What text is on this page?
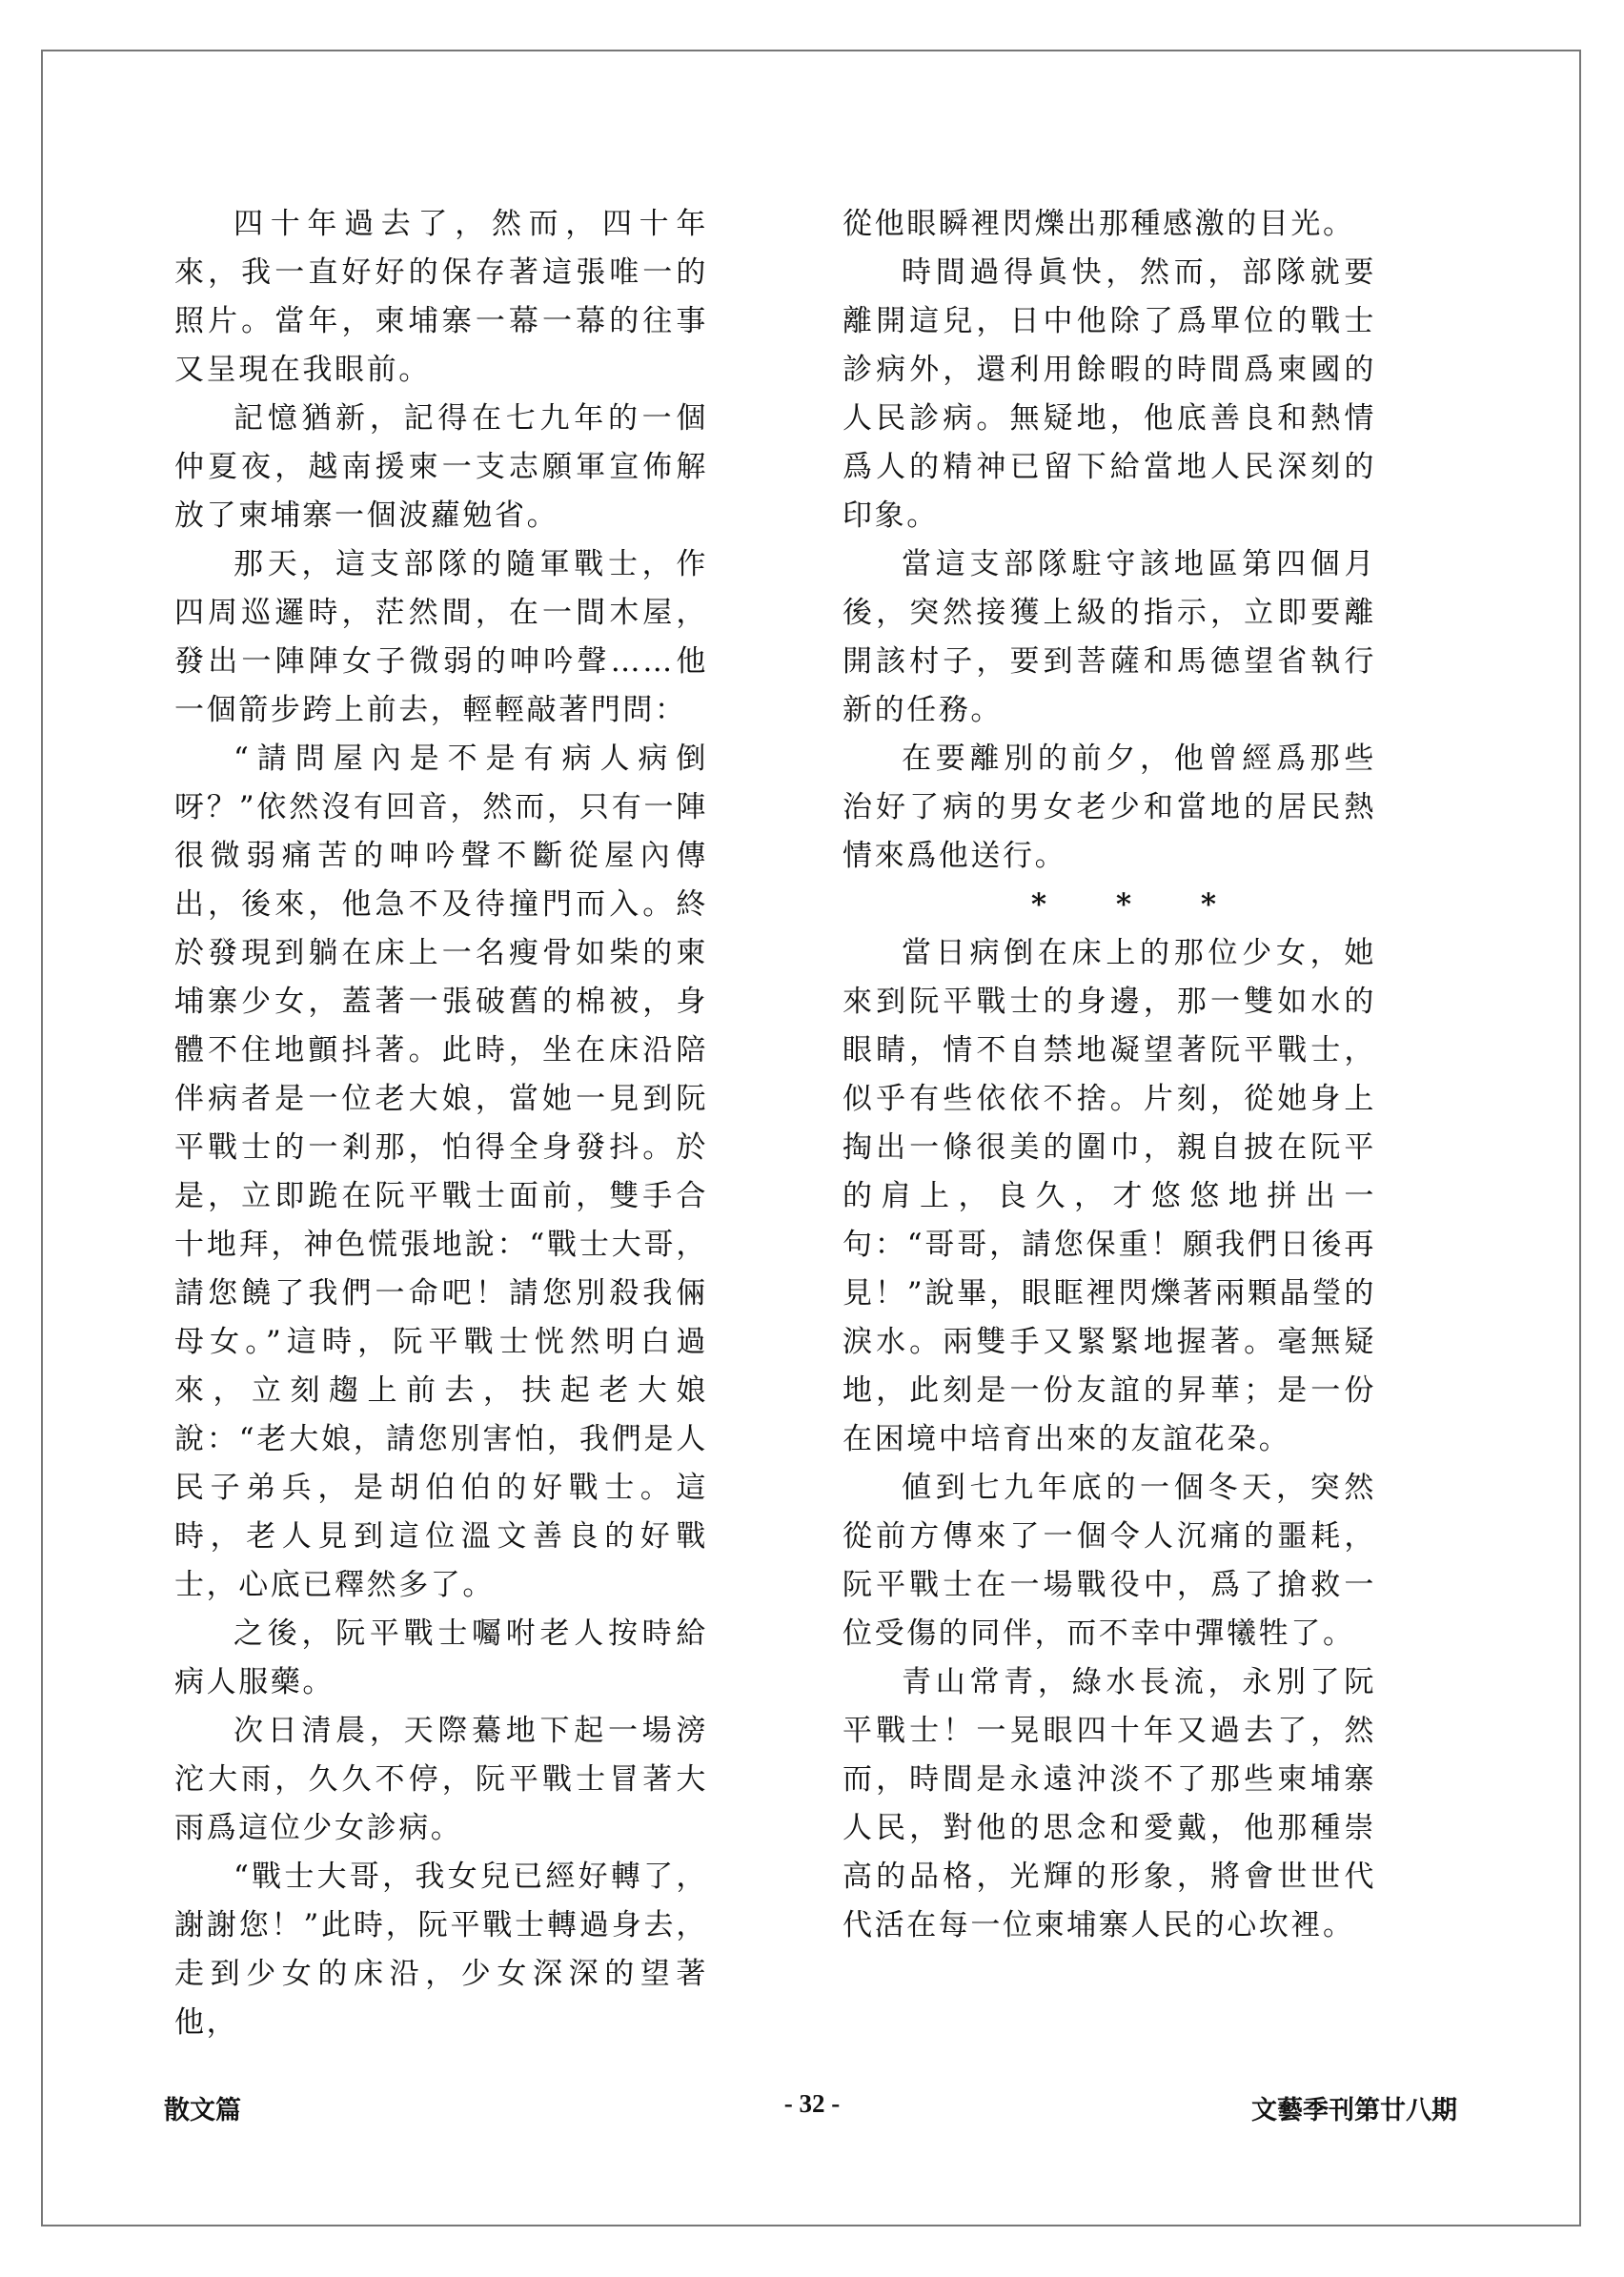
四十年過去了，然而，四十年來，我一直好好的保存著這張唯一的照片。當年，柬埔寨一幕一幕的往事又呈現在我眼前。

記憶猶新，記得在七九年的一個仲夏夜，越南援柬一支志願軍宣佈解放了柬埔寨一個波蘿勉省。

那天，這支部隊的隨軍戰士，作四周巡邏時，茫然間，在一間木屋，發出一陣陣女子微弱的呻吟聲……他一個箭步跨上前去，輕輕敲著門問：

“請問屋內是不是有病人病倒呀？”依然沒有回音，然而，只有一陣很微弱痛苦的呻吟聲不斷從屋內傳出，後來，他急不及待撞門而入。終於發現到躺在床上一名瘦骨如柴的柬埔寨少女，蓋著一張破舊的棉被，身體不住地顫抖著。此時，坐在床沿陪伴病者是一位老大娘，當她一見到阮平戰士的一剎那，怕得全身發抖。於是，立即跪在阮平戰士面前，雙手合十地拜，神色慌張地說：“戰士大哥，請您饒了我們一命吧！請您別殺我倆母女。”這時，阮平戰士恍然明白過來，立刻趨上前去，扶起老大娘說：“老大娘，請您別害怕，我們是人民子弟兵，是胡伯伯的好戰士。這時，老人見到這位溫文善良的好戰士，心底已釋然多了。

之後，阮平戰士囑咐老人按時給病人服藥。

次日清晨，天際驀地下起一場滂沱大雨，久久不停，阮平戰士冒著大雨爲這位少女診病。

“戰士大哥，我女兒已經好轉了，謝謝您！”此時，阮平戰士轉過身去，走到少女的床沿，少女深深的望著他，

從他眼瞬裡閃爍出那種感激的目光。

時間過得眞快，然而，部隊就要離開這兒，日中他除了爲單位的戰士診病外，還利用餘暇的時間爲柬國的人民診病。無疑地，他底善良和熱情爲人的精神已留下給當地人民深刻的印象。

當這支部隊駐守該地區第四個月後，突然接獲上級的指示，立即要離開該村子，要到菩薩和馬德望省執行新的任務。

在要離別的前夕，他曾經爲那些治好了病的男女老少和當地的居民熱情來爲他送行。

* * *

當日病倒在床上的那位少女，她來到阮平戰士的身邊，那一雙如水的眼睛，情不自禁地凝望著阮平戰士，似乎有些依依不捨。片刻，從她身上掏出一條很美的圍巾，親自披在阮平的肩上，良久，才悠悠地拼出一句：“哥哥，請您保重！願我們日後再見！”說畢，眼眶裡閃爍著兩顆晶瑩的淚水。兩雙手又緊緊地握著。毫無疑地，此刻是一份友誼的昇華；是一份在困境中培育出來的友誼花朶。

値到七九年底的一個冬天，突然從前方傳來了一個令人沉痛的噩耗，阮平戰士在一場戰役中，爲了搶救一位受傷的同伴，而不幸中彈犧牲了。

青山常青，綠水長流，永別了阮平戰士！一晃眼四十年又過去了，然而，時間是永遠沖淡不了那些柬埔寨人民，對他的思念和愛戴，他那種崇高的品格，光輝的形象，將會世世代代活在每一位柬埔寨人民的心坎裡。

散文篇	- 32 -	文藝季刊第廿八期
